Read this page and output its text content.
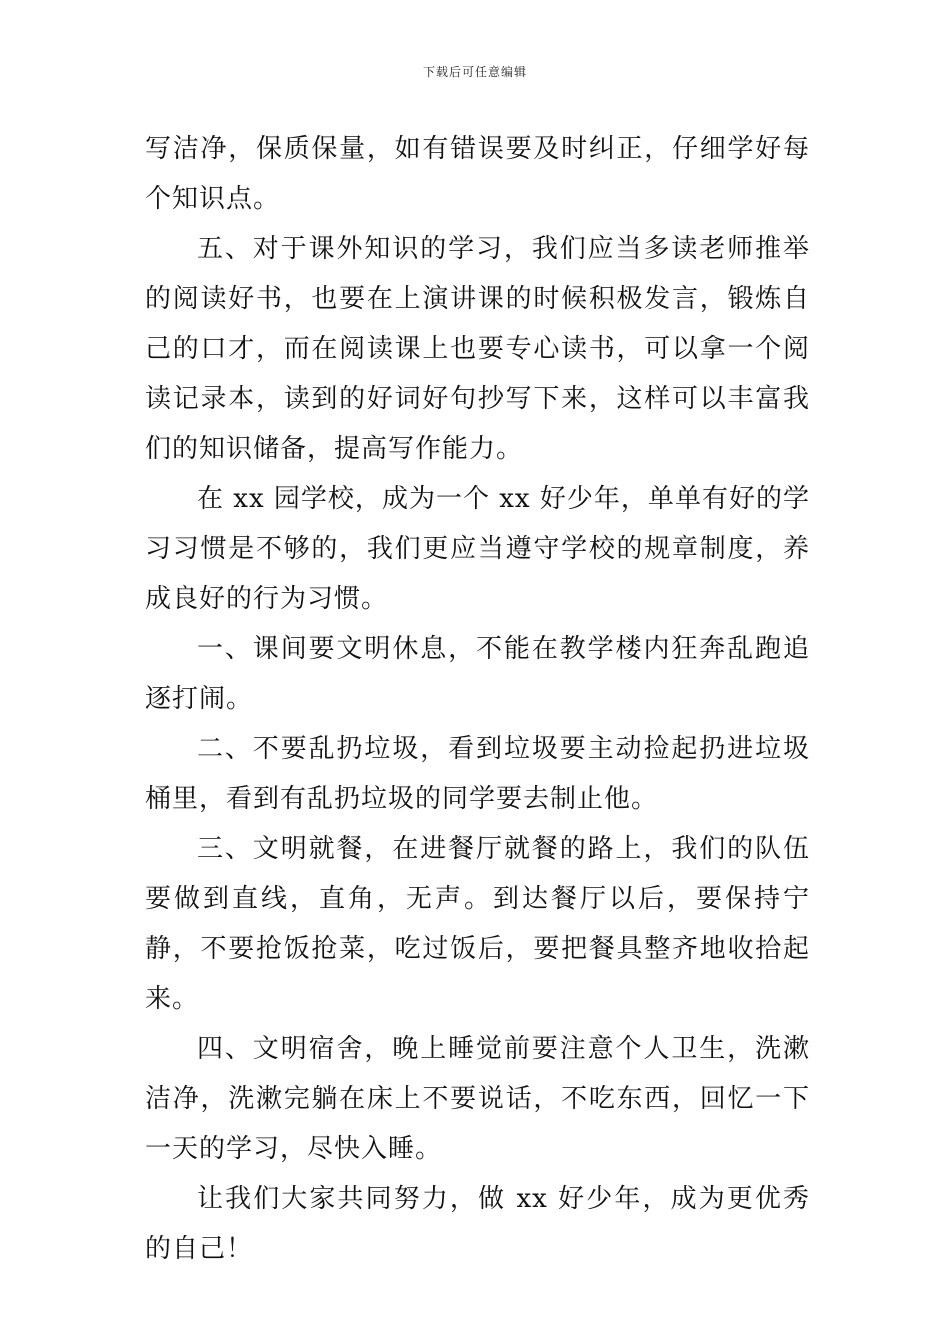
下载后可任意编辑

写洁净，保质保量，如有错误要及时纠正，仔细学好每个知识点。

五、对于课外知识的学习，我们应当多读老师推举的阅读好书，也要在上演讲课的时候积极发言，锻炼自己的口才，而在阅读课上也要专心读书，可以拿一个阅读记录本，读到的好词好句抄写下来，这样可以丰富我们的知识储备，提高写作能力。

在 xx 园学校，成为一个 xx 好少年，单单有好的学习习惯是不够的，我们更应当遵守学校的规章制度，养成良好的行为习惯。

一、课间要文明休息，不能在教学楼内狂奔乱跑追逐打闹。

二、不要乱扔垃圾，看到垃圾要主动捡起扔进垃圾桶里，看到有乱扔垃圾的同学要去制止他。

三、文明就餐，在进餐厅就餐的路上，我们的队伍要做到直线，直角，无声。到达餐厅以后，要保持宁静，不要抢饭抢菜，吃过饭后，要把餐具整齐地收拾起来。

四、文明宿舍，晚上睡觉前要注意个人卫生，洗漱洁净，洗漱完躺在床上不要说话，不吃东西，回忆一下一天的学习，尽快入睡。

让我们大家共同努力，做 xx 好少年，成为更优秀的自己！
